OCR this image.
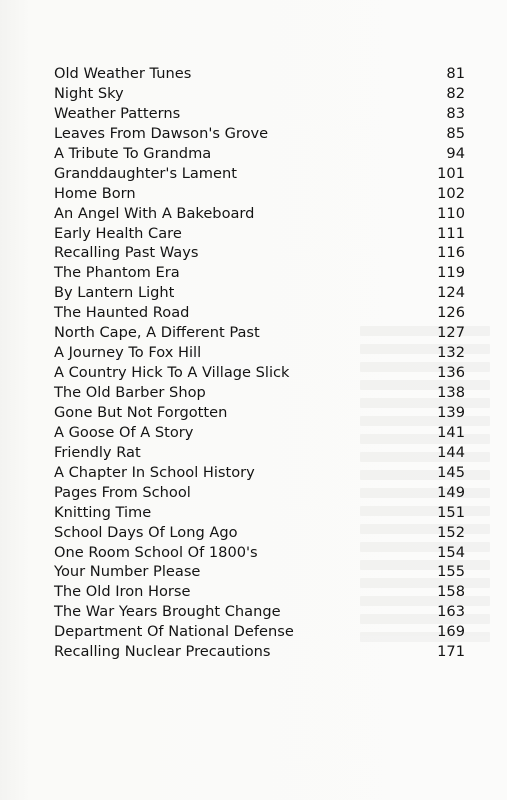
Old Weather Tunes	81
Night Sky	82
Weather Patterns	83
Leaves From Dawson's Grove	85
A Tribute To Grandma	94
Granddaughter's Lament	101
Home Born	102
An Angel With A Bakeboard	110
Early Health Care	111
Recalling Past Ways	116
The Phantom Era	119
By Lantern Light	124
The Haunted Road	126
North Cape, A Different Past	127
A Journey To Fox Hill	132
A Country Hick To A Village Slick	136
The Old Barber Shop	138
Gone But Not Forgotten	139
A Goose Of A Story	141
Friendly Rat	144
A Chapter In School History	145
Pages From School	149
Knitting Time	151
School Days Of Long Ago	152
One Room School Of 1800's	154
Your Number Please	155
The Old Iron Horse	158
The War Years Brought Change	163
Department Of National Defense	169
Recalling Nuclear Precautions	171
